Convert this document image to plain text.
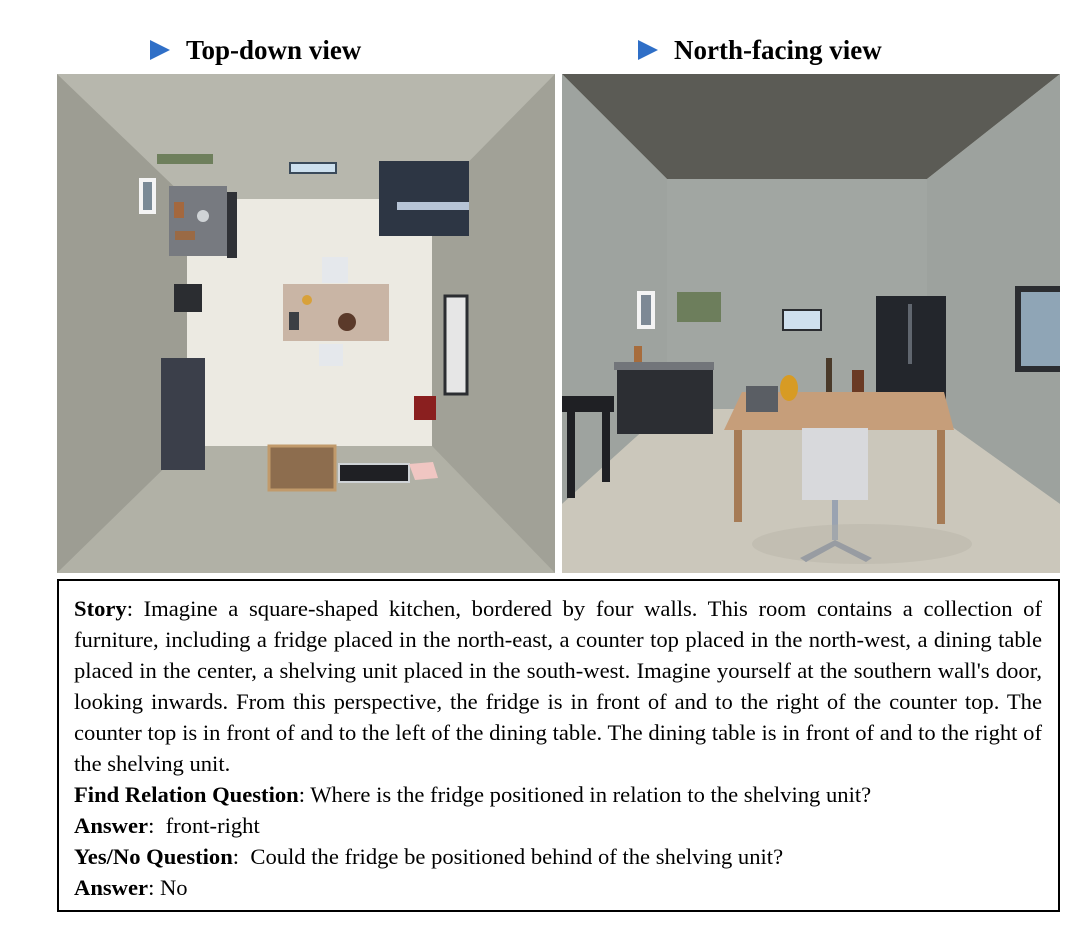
Top-down view	North-facing view

Story: Imagine a square-shaped kitchen, bordered by four walls. This room contains a collection of furniture, including a fridge placed in the north-east, a counter top placed in the north-west, a dining table placed in the center, a shelving unit placed in the south-west. Imagine yourself at the southern wall's door, looking inwards. From this perspective, the fridge is in front of and to the right of the counter top. The counter top is in front of and to the left of the dining table. The dining table is in front of and to the right of the shelving unit.

Find Relation Question: Where is the fridge positioned in relation to the shelving unit?

Answer:  front-right

Yes/No Question:  Could the fridge be positioned behind of the shelving unit?

Answer: No
